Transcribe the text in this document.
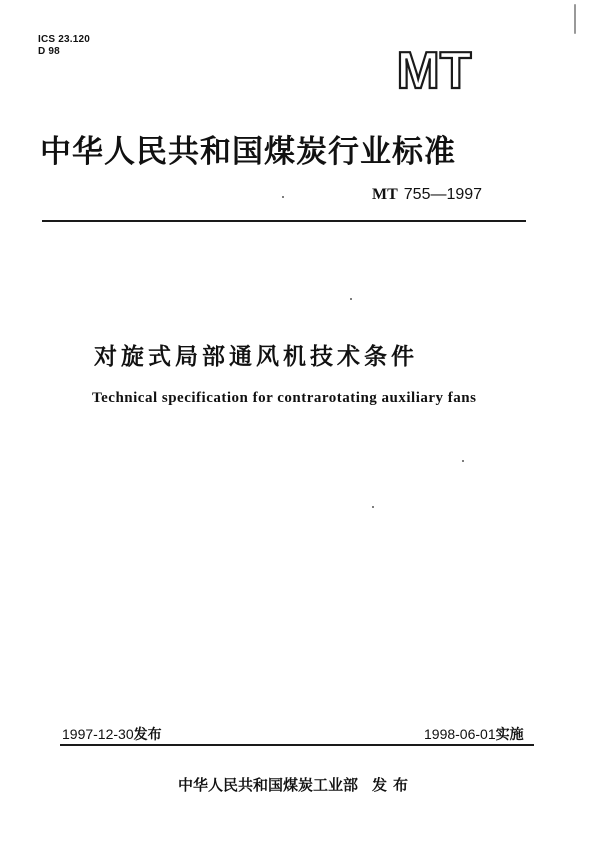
ICS 23.120
D 98	MT
中华人民共和国煤炭行业标准
MT 755—1997
对旋式局部通风机技术条件
Technical specification for contrarotating auxiliary fans
1997-12-30发布	1998-06-01实施
中华人民共和国煤炭工业部 发布
